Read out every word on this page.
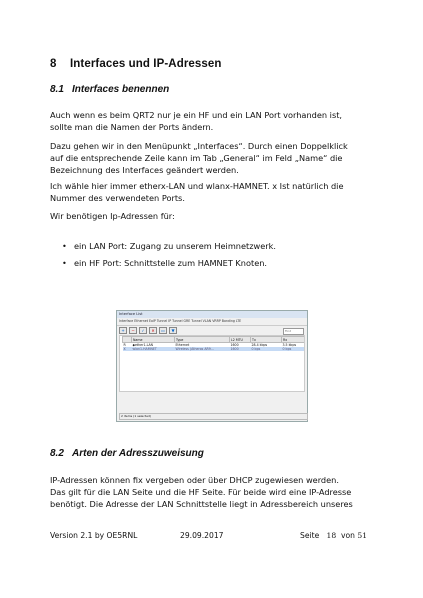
8 Interfaces und IP-Adressen
8.1 Interfaces benennen
Auch wenn es beim QRT2 nur je ein HF und ein LAN Port vorhanden ist,
sollte man die Namen der Ports ändern.
Dazu gehen wir in den Menüpunkt „Interfaces“. Durch einen Doppelklick
auf die entsprechende Zeile kann im Tab „General“ im Feld „Name“ die
Bezeichnung des Interfaces geändert werden.
Ich wähle hier immer etherx-LAN und wlanx-HAMNET. x Ist natürlich die
Nummer des verwendeten Ports.
Wir benötigen Ip-Adressen für:
• ein LAN Port: Zugang zu unserem Heimnetzwerk.
• ein HF Port: Schnittstelle zum HAMNET Knoten.
Interface List
Interface Ethernet EoIP Tunnel IP Tunnel GRE Tunnel VLAN VRRP Bonding LTE
+	−	✓	✕	▭	▼	Find
	Name	Type	L2 MTU	Tx	Rx
R	◆ether1-LAN	Ethernet	1600	28.4 kbps	3.5 kbps
X	wlan1-HAMNET	Wireless (Atheros AR9...	1600	0 bps	0 bps
2 items (1 selected)
8.2 Arten der Adresszuweisung
IP-Adressen können fix vergeben oder über DHCP zugewiesen werden.
Das gilt für die LAN Seite und die HF Seite. Für beide wird eine IP-Adresse
benötigt. Die Adresse der LAN Schnittstelle liegt in Adressbereich unseres
Version 2.1 by OE5RNL	29.09.2017	Seite 18 von 51
